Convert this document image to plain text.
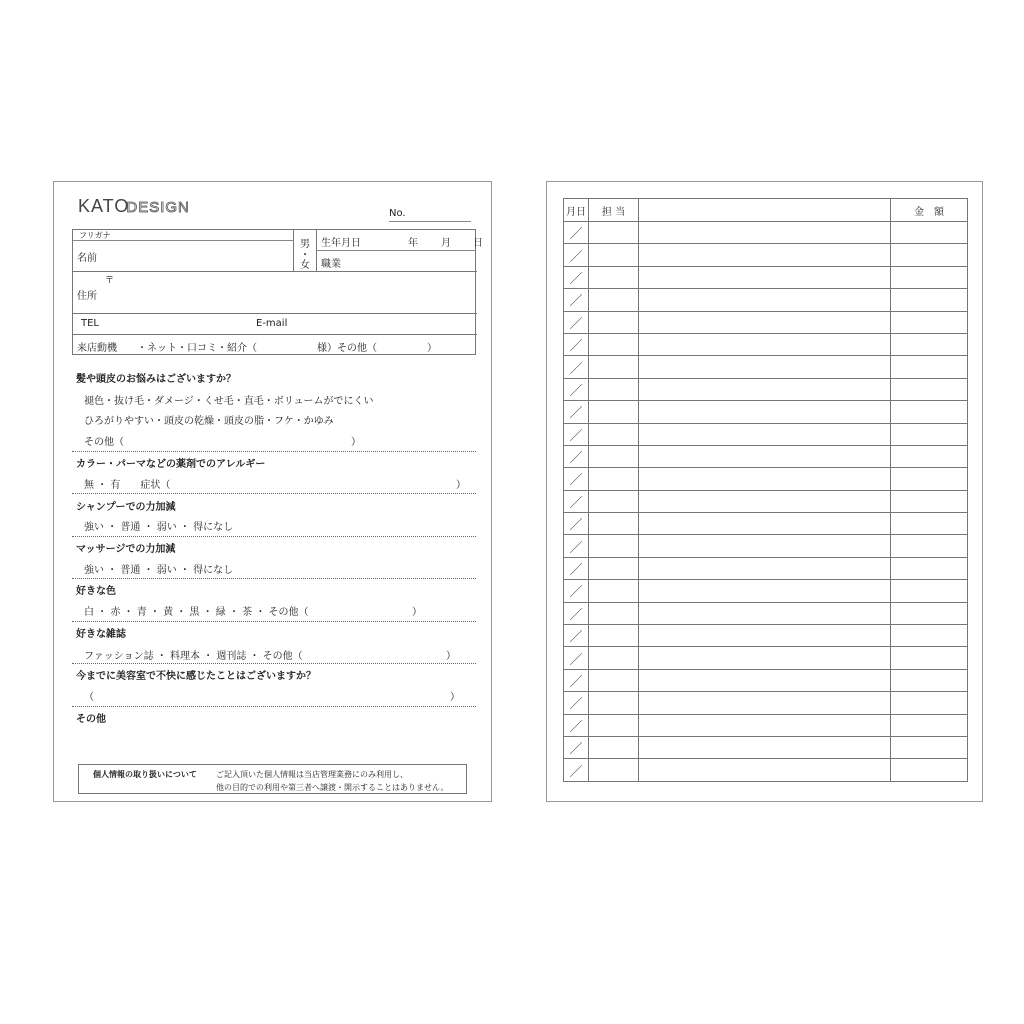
KATODESIGN	No.
フリガナ
名前
男
・
女
生年月日	年 月 日
職業
〒
住所
TEL	E-mail
来店動機　　・ネット・口コミ・紹介（　　　　　　様）その他（　　　　　）
髪や頭皮のお悩みはございますか？
褪色・抜け毛・ダメージ・くせ毛・直毛・ボリュームがでにくい
ひろがりやすい・頭皮の乾燥・頭皮の脂・フケ・かゆみ
その他（	）
カラー・パーマなどの薬剤でのアレルギー
無 ・ 有　　症状（	）
シャンプーでの力加減
強い ・ 普通 ・ 弱い ・ 得になし
マッサージでの力加減
強い ・ 普通 ・ 弱い ・ 得になし
好きな色
白 ・ 赤 ・ 青 ・ 黄 ・ 黒 ・ 緑 ・ 茶 ・ その他（	）
好きな雑誌
ファッション誌 ・ 料理本 ・ 週刊誌 ・ その他（	）
今までに美容室で不快に感じたことはございますか？
（	）
その他
個人情報の取り扱いについて ご記入頂いた個人情報は当店管理業務にのみ利用し、
他の目的での利用や第三者へ譲渡・開示することはありません。
月日	担 当		金　額
／			
／			
／			
／			
／			
／			
／			
／			
／			
／			
／			
／			
／			
／			
／			
／			
／			
／			
／			
／			
／			
／			
／			
／			
／			
